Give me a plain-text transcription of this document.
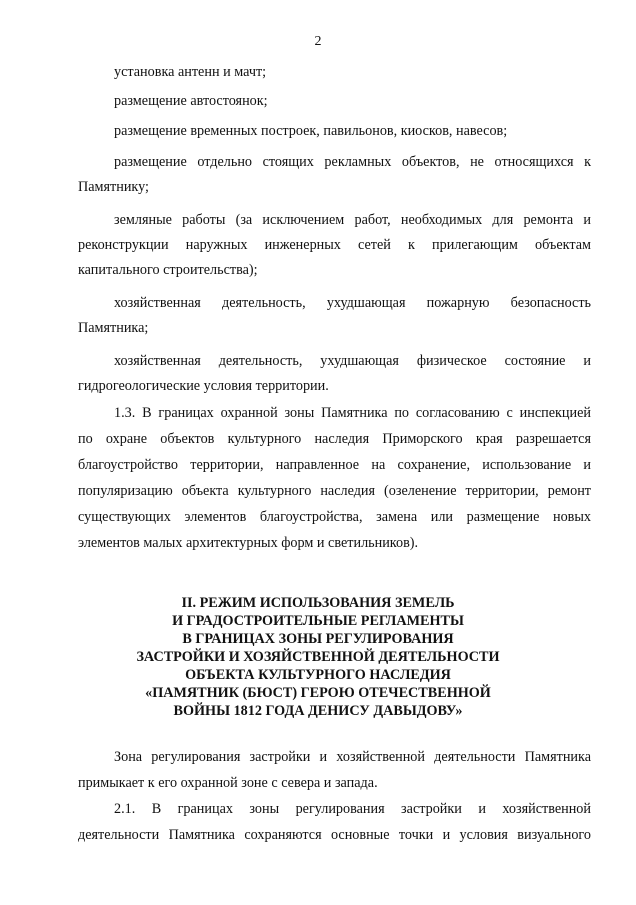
2
установка антенн и мачт;
размещение автостоянок;
размещение временных построек, павильонов, киосков, навесов;
размещение отдельно стоящих рекламных объектов, не относящихся к
Памятнику;
земляные работы (за исключением работ, необходимых для ремонта и
реконструкции наружных инженерных сетей к прилегающим объектам
капитального строительства);
хозяйственная деятельность, ухудшающая пожарную безопасность
Памятника;
хозяйственная деятельность, ухудшающая физическое состояние и
гидрогеологические условия территории.
1.3. В границах охранной зоны Памятника по согласованию с инспекцией
по охране объектов культурного наследия Приморского края разрешается
благоустройство территории, направленное на сохранение, использование и
популяризацию объекта культурного наследия (озеленение территории, ремонт
существующих элементов благоустройства, замена или размещение новых
элементов малых архитектурных форм и светильников).
II. РЕЖИМ ИСПОЛЬЗОВАНИЯ ЗЕМЕЛЬ
И ГРАДОСТРОИТЕЛЬНЫЕ РЕГЛАМЕНТЫ
В ГРАНИЦАХ ЗОНЫ РЕГУЛИРОВАНИЯ
ЗАСТРОЙКИ И ХОЗЯЙСТВЕННОЙ ДЕЯТЕЛЬНОСТИ
ОБЪЕКТА КУЛЬТУРНОГО НАСЛЕДИЯ
«ПАМЯТНИК (БЮСТ) ГЕРОЮ ОТЕЧЕСТВЕННОЙ
ВОЙНЫ 1812 ГОДА ДЕНИСУ ДАВЫДОВУ»
Зона регулирования застройки и хозяйственной деятельности Памятника
примыкает к его охранной зоне с севера и запада.
2.1. В границах зоны регулирования застройки и хозяйственной
деятельности Памятника сохраняются основные точки и условия визуального
